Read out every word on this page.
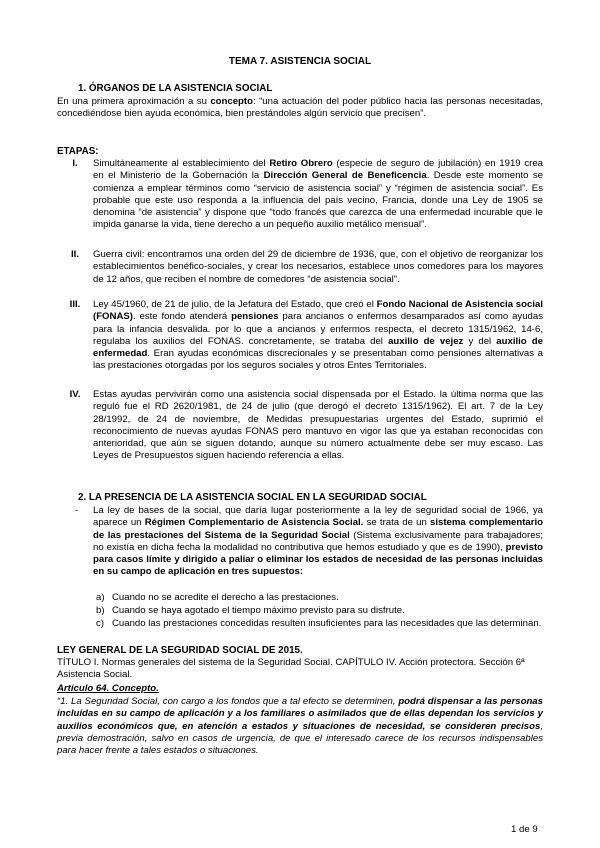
TEMA 7. ASISTENCIA SOCIAL
1. ÓRGANOS DE LA ASISTENCIA SOCIAL

En una primera aproximación a su concepto: “una actuación del poder público hacia las personas necesitadas, concediéndose bien ayuda económica, bien prestándoles algún servicio que precisen”.

ETAPAS:
I.	Simultáneamente al establecimiento del Retiro Obrero (especie de seguro de jubilación) en 1919 crea en el Ministerio de la Gobernación la Dirección General de Beneficencia. Desde este momento se comienza a emplear términos como “servicio de asistencia social” y “régimen de asistencia social”. Es probable que este uso responda a la influencia del país vecino, Francia, donde una Ley de 1905 se denomina “de asistencia” y dispone que “todo francés que carezca de una enfermedad incurable que le impida ganarse la vida, tiene derecho a un pequeño auxilio metálico mensual”.

II.	Guerra civil: encontramos una orden del 29 de diciembre de 1936, que, con el objetivo de reorganizar los establecimientos benéfico-sociales, y crear los necesarios, establece unos comedores para los mayores de 12 años, que reciben el nombre de comedores “de asistencia social”.

III.	Ley 45/1960, de 21 de julio, de la Jefatura del Estado, que creó el Fondo Nacional de Asistencia social (FONAS). este fondo atenderá pensiones para ancianos o enfermos desamparados así como ayudas para la infancia desvalida. por lo que a ancianos y enfermos respecta, el decreto 1315/1962, 14-6, regulaba los auxilios del FONAS. concretamente, se trataba del auxilio de vejez y del auxilio de enfermedad. Eran ayudas económicas discrecionales y se presentaban como pensiones alternativas a las prestaciones otorgadas por los seguros sociales y otros Entes Territoriales.

IV.	Estas ayudas pervivirán como una asistencia social dispensada por el Estado. la última norma que las reguló fue el RD 2620/1981, de 24 de julio (que derogó el decreto 1315/1962). El art. 7 de la Ley 28/1992, de 24 de noviembre, de Medidas presupuestarias urgentes del Estado, suprimió el reconocimiento de nuevas ayudas FONAS pero mantuvo en vigor las que ya estaban reconocidas con anterioridad, que aún se siguen dotando, aunque su número actualmente debe ser muy escaso. Las Leyes de Presupuestos siguen haciendo referencia a ellas.

2. LA PRESENCIA DE LA ASISTENCIA SOCIAL EN LA SEGURIDAD SOCIAL
- La ley de bases de la social, que daría lugar posteriormente a la ley de seguridad social de 1966, ya aparece un Régimen Complementario de Asistencia Social. se trata de un sistema complementario de las prestaciones del Sistema de la Seguridad Social (Sistema exclusivamente para trabajadores; no existía en dicha fecha la modalidad no contributiva que hemos estudiado y que es de 1990), previsto para casos límite y dirigido a paliar o eliminar los estados de necesidad de las personas incluidas en su campo de aplicación en tres supuestos:

a) Cuando no se acredite el derecho a las prestaciones.

b) Cuando se haya agotado el tiempo máximo previsto para su disfrute.

c) Cuando las prestaciones concedidas resulten insuficientes para las necesidades que las determinan.

LEY GENERAL DE LA SEGURIDAD SOCIAL DE 2015.

TÍTULO I. Normas generales del sistema de la Seguridad Social. CAPÍTULO IV. Acción protectora. Sección 6ª Asistencia Social.

Artículo 64. Concepto.

“1. La Seguridad Social, con cargo a los fondos que a tal efecto se determinen, podrá dispensar a las personas incluidas en su campo de aplicación y a los familiares o asimilados que de ellas dependan los servicios y auxilios económicos que, en atención a estados y situaciones de necesidad, se consideren precisos, previa demostración, salvo en casos de urgencia, de que el interesado carece de los recursos indispensables para hacer frente a tales estados o situaciones.

1 de 9
